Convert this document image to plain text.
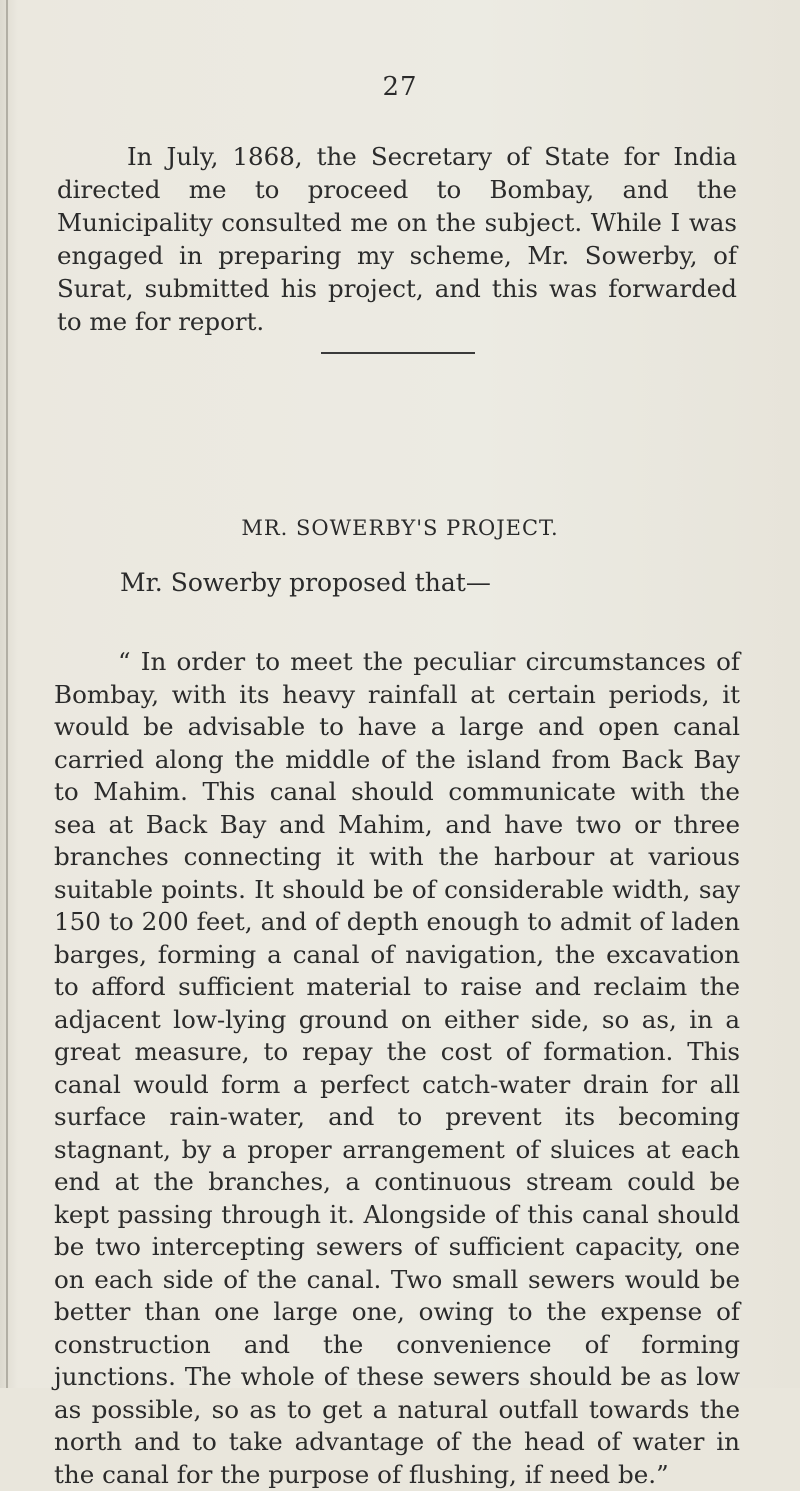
27

In July, 1868, the Secretary of State for India directed me to proceed to Bombay, and the Municipality consulted me on the subject. While I was engaged in preparing my scheme, Mr. Sowerby, of Surat, submitted his project, and this was forwarded to me for report.

MR. SOWERBY'S PROJECT.

Mr. Sowerby proposed that—

“ In order to meet the peculiar circumstances of Bombay, with its heavy rainfall at certain periods, it would be advisable to have a large and open canal carried along the middle of the island from Back Bay to Mahim. This canal should communicate with the sea at Back Bay and Mahim, and have two or three branches connecting it with the harbour at various suitable points. It should be of considerable width, say 150 to 200 feet, and of depth enough to admit of laden barges, forming a canal of navigation, the excavation to afford sufficient material to raise and reclaim the adjacent low-lying ground on either side, so as, in a great measure, to repay the cost of formation. This canal would form a perfect catch-water drain for all surface rain-water, and to prevent its becoming stagnant, by a proper arrangement of sluices at each end at the branches, a continuous stream could be kept passing through it. Alongside of this canal should be two intercepting sewers of sufficient capacity, one on each side of the canal. Two small sewers would be better than one large one, owing to the expense of construction and the convenience of forming junctions. The whole of these sewers should be as low as possible, so as to get a natural outfall towards the north and to take advantage of the head of water in the canal for the purpose of flushing, if need be.”
